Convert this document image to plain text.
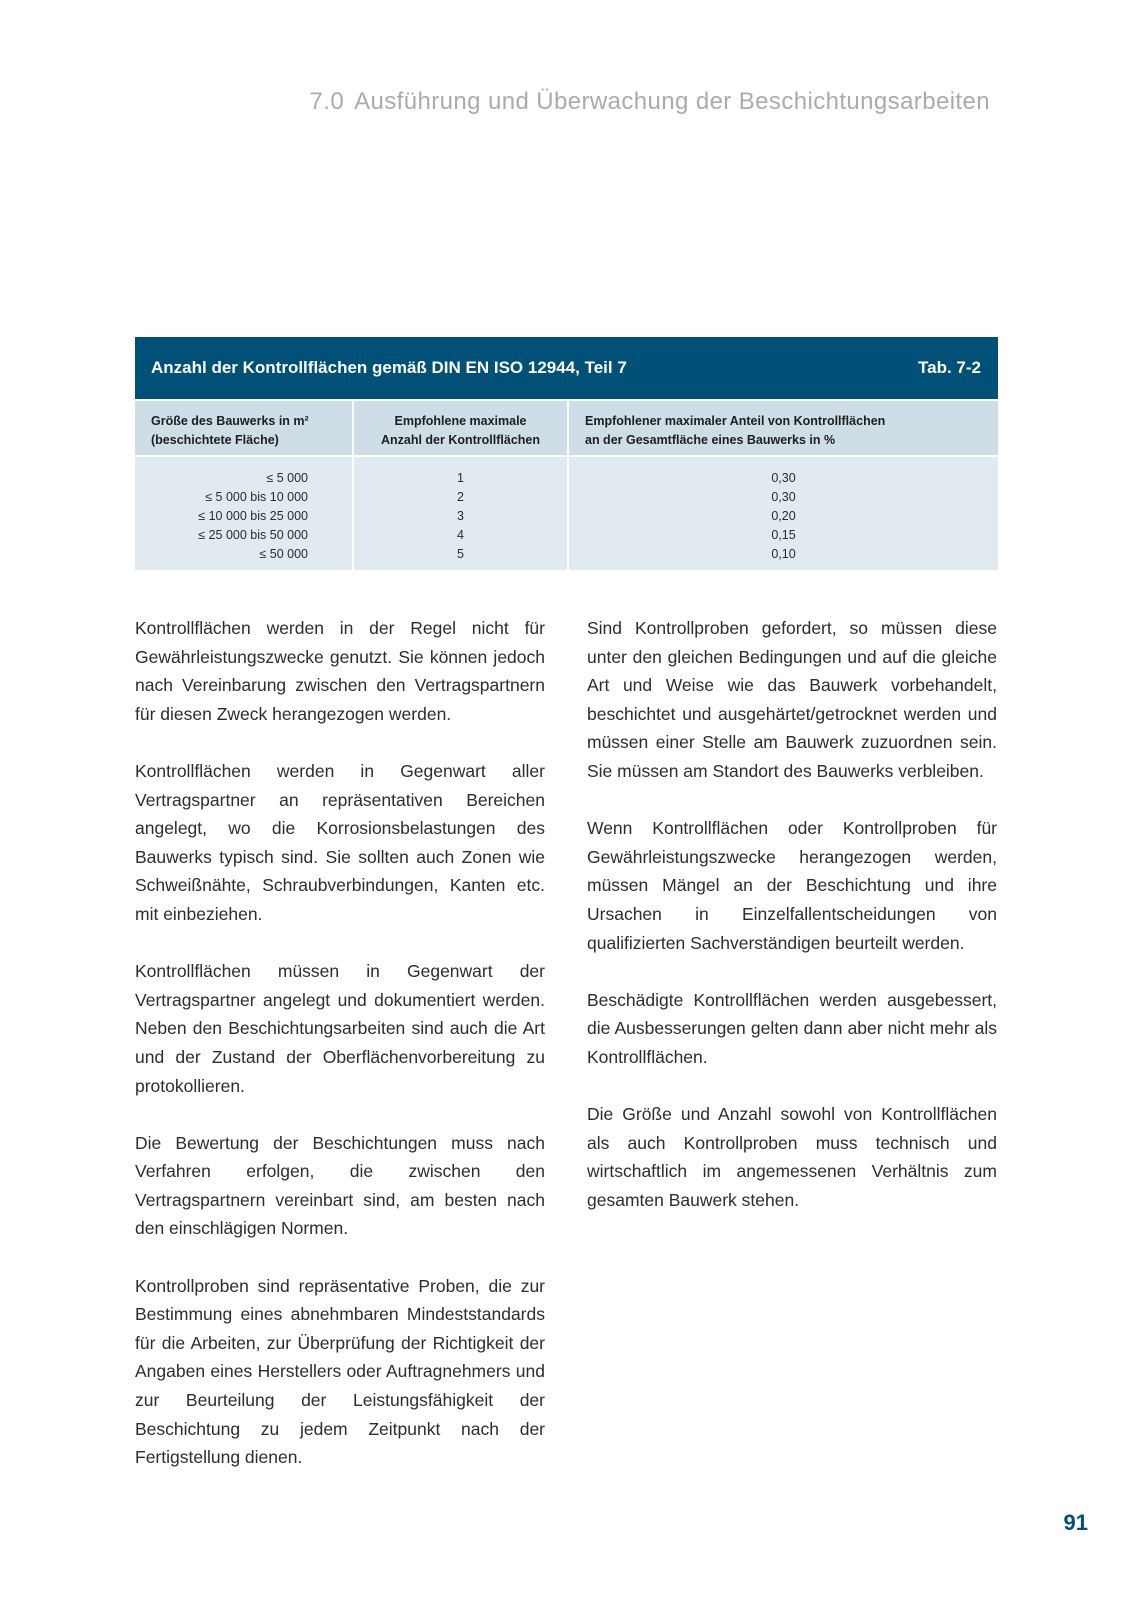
7.0 Ausführung und Überwachung der Beschichtungsarbeiten
Anzahl der Kontrollflächen gemäß DIN EN ISO 12944, Teil 7	Tab. 7-2
Größe des Bauwerks in m²
(beschichtete Fläche)
Empfohlene maximale
Anzahl der Kontrollflächen
Empfohlener maximaler Anteil von Kontrollflächen
an der Gesamtfläche eines Bauwerks in %
≤ 5 000
≤ 5 000 bis 10 000
≤ 10 000 bis 25 000
≤ 25 000 bis 50 000
≤ 50 000
1
2
3
4
5
0,30
0,30
0,20
0,15
0,10

Kontrollflächen werden in der Regel nicht für Gewährleistungszwecke genutzt. Sie können jedoch nach Vereinbarung zwischen den Vertragspartnern für diesen Zweck herangezogen werden.

Kontrollflächen werden in Gegenwart aller Vertragspartner an repräsentativen Bereichen angelegt, wo die Korrosionsbelastungen des Bauwerks typisch sind. Sie sollten auch Zonen wie Schweißnähte, Schraubverbindungen, Kanten etc. mit einbeziehen.

Kontrollflächen müssen in Gegenwart der Vertragspartner angelegt und dokumentiert werden. Neben den Beschichtungsarbeiten sind auch die Art und der Zustand der Oberflächenvorbereitung zu protokollieren.

Die Bewertung der Beschichtungen muss nach Verfahren erfolgen, die zwischen den Vertragspartnern vereinbart sind, am besten nach den einschlägigen Normen.

Kontrollproben sind repräsentative Proben, die zur Bestimmung eines abnehmbaren Mindeststandards für die Arbeiten, zur Überprüfung der Richtigkeit der Angaben eines Herstellers oder Auftragnehmers und zur Beurteilung der Leistungsfähigkeit der Beschichtung zu jedem Zeitpunkt nach der Fertigstellung dienen.

Sind Kontrollproben gefordert, so müssen diese unter den gleichen Bedingungen und auf die gleiche Art und Weise wie das Bauwerk vorbehandelt, beschichtet und ausgehärtet/getrocknet werden und müssen einer Stelle am Bauwerk zuzuordnen sein. Sie müssen am Standort des Bauwerks verbleiben.

Wenn Kontrollflächen oder Kontrollproben für Gewährleistungszwecke herangezogen werden, müssen Mängel an der Beschichtung und ihre Ursachen in Einzelfallentscheidungen von qualifizierten Sachverständigen beurteilt werden.

Beschädigte Kontrollflächen werden ausgebessert, die Ausbesserungen gelten dann aber nicht mehr als Kontrollflächen.

Die Größe und Anzahl sowohl von Kontrollflächen als auch Kontrollproben muss technisch und wirtschaftlich im angemessenen Verhältnis zum gesamten Bauwerk stehen.

91
